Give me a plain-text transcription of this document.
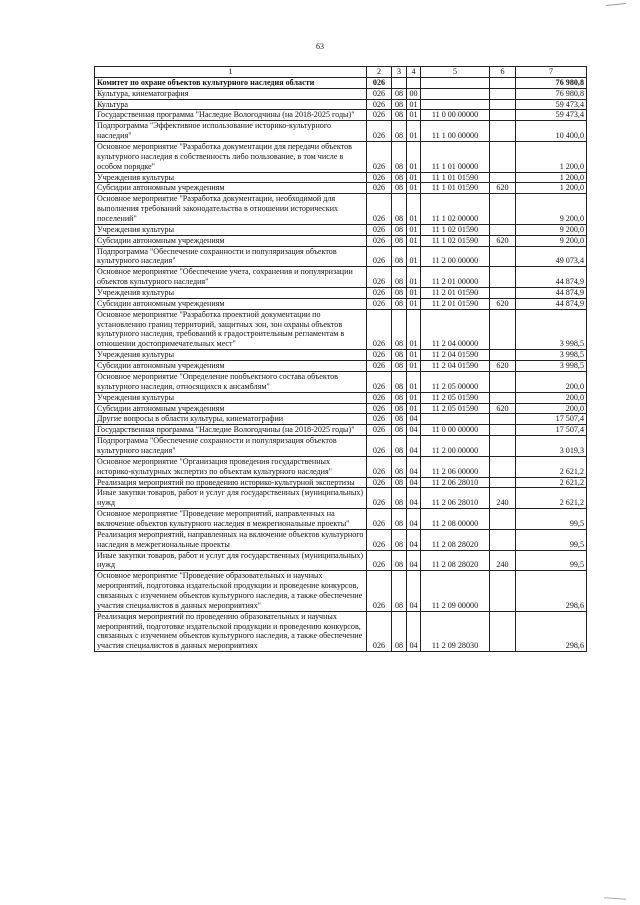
63
1	2	3	4	5	6	7
Комитет по охране объектов культурного наследия области	026					76 980,8
Культура, кинематография	026	08	00			76 980,8
Культура	026	08	01			59 473,4
Государственная программа "Наследие Вологодчины (на 2018-2025 годы)"	026	08	01	11 0 00 00000		59 473,4
Подпрограмма "Эффективное использование историко-культурного наследия"	026	08	01	11 1 00 00000		10 400,0
Основное мероприятие "Разработка документации для передачи объектов культурного наследия в собственность либо пользование, в том числе в особом порядке"	026	08	01	11 1 01 00000		1 200,0
Учреждения культуры	026	08	01	11 1 01 01590		1 200,0
Субсидии автономным учреждениям	026	08	01	11 1 01 01590	620	1 200,0
Основное мероприятие "Разработка документации, необходимой для выполнения требований законодательства в отношении исторических поселений"	026	08	01	11 1 02 00000		9 200,0
Учреждения культуры	026	08	01	11 1 02 01590		9 200,0
Субсидии автономным учреждениям	026	08	01	11 1 02 01590	620	9 200,0
Подпрограмма "Обеспечение сохранности и популяризация объектов культурного наследия"	026	08	01	11 2 00 00000		49 073,4
Основное мероприятие "Обеспечение учета, сохранения и популяризации объектов культурного наследия"	026	08	01	11 2 01 00000		44 874,9
Учреждения культуры	026	08	01	11 2 01 01590		44 874,9
Субсидии автономным учреждениям	026	08	01	11 2 01 01590	620	44 874,9
Основное мероприятие "Разработка проектной документации по установлению границ территорий, защитных зон, зон охраны объектов культурного наследия, требований к градостроительным регламентам в отношении достопримечательных мест"	026	08	01	11 2 04 00000		3 998,5
Учреждения культуры	026	08	01	11 2 04 01590		3 998,5
Субсидии автономным учреждениям	026	08	01	11 2 04 01590	620	3 998,5
Основное мероприятие "Определение пообъектного состава объектов культурного наследия, относящихся к ансамблям"	026	08	01	11 2 05 00000		200,0
Учреждения культуры	026	08	01	11 2 05 01590		200,0
Субсидии автономным учреждениям	026	08	01	11 2 05 01590	620	200,0
Другие вопросы в области культуры, кинематографии	026	08	04			17 507,4
Государственная программа "Наследие Вологодчины (на 2018-2025 годы)"	026	08	04	11 0 00 00000		17 507,4
Подпрограмма "Обеспечение сохранности и популяризация объектов культурного наследия"	026	08	04	11 2 00 00000		3 019,3
Основное мероприятие "Организация проведения государственных историко-культурных экспертиз по объектам культурного наследия"	026	08	04	11 2 06 00000		2 621,2
Реализация мероприятий по проведению историко-культурной экспертизы	026	08	04	11 2 06 28010		2 621,2
Иные закупки товаров, работ и услуг для государственных (муниципальных) нужд	026	08	04	11 2 06 28010	240	2 621,2
Основное мероприятие "Проведение мероприятий, направленных на включение объектов культурного наследия в межрегиональные проекты"	026	08	04	11 2 08 00000		99,5
Реализация мероприятий, направленных на включение объектов культурного наследия в межрегиональные проекты	026	08	04	11 2 08 28020		99,5
Иные закупки товаров, работ и услуг для государственных (муниципальных) нужд	026	08	04	11 2 08 28020	240	99,5
Основное мероприятие "Проведение образовательных и научных мероприятий, подготовка издательской продукции и проведение конкурсов, связанных с изучением объектов культурного наследия, а также обеспечение участия специалистов в данных мероприятиях"	026	08	04	11 2 09 00000		298,6
Реализация мероприятий по проведению образовательных и научных мероприятий, подготовке издательской продукции и проведению конкурсов, связанных с изучением объектов культурного наследия, а также обеспечение участия специалистов в данных мероприятиях	026	08	04	11 2 09 28030		298,6
